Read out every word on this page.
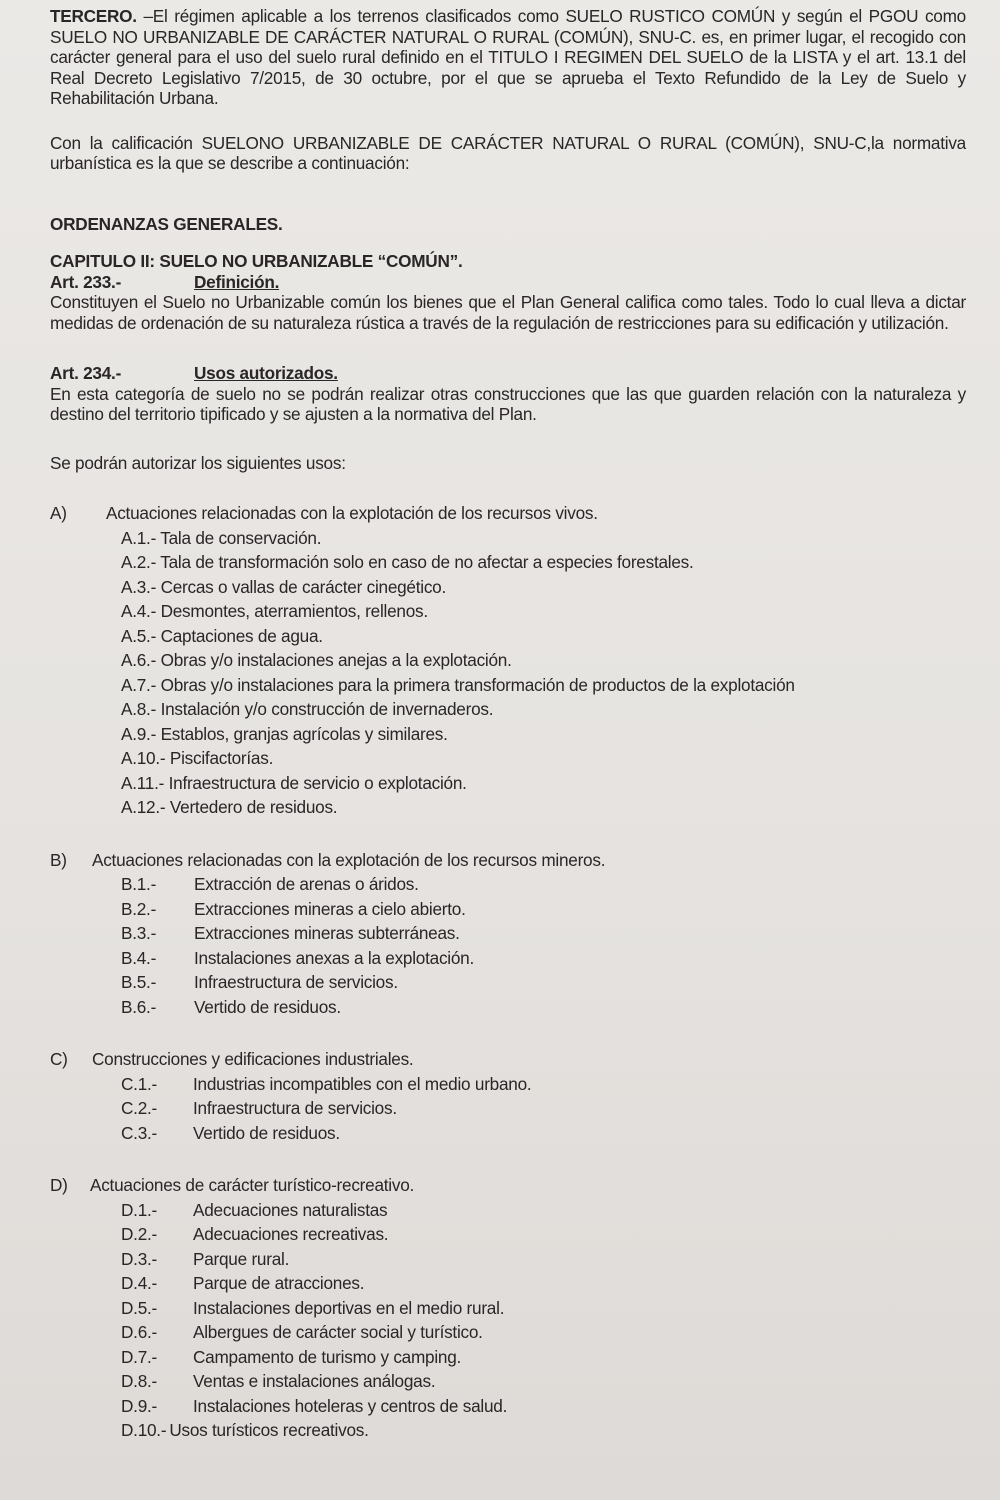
TERCERO. –El régimen aplicable a los terrenos clasificados como SUELO RUSTICO COMÚN y según el PGOU como SUELO NO URBANIZABLE DE CARÁCTER NATURAL O RURAL (COMÚN), SNU-C. es, en primer lugar, el recogido con carácter general para el uso del suelo rural definido en el TITULO I REGIMEN DEL SUELO de la LISTA y el art. 13.1 del Real Decreto Legislativo 7/2015, de 30 octubre, por el que se aprueba el Texto Refundido de la Ley de Suelo y Rehabilitación Urbana.

Con la calificación SUELONO URBANIZABLE DE CARÁCTER NATURAL O RURAL (COMÚN), SNU-C,la normativa urbanística es la que se describe a continuación:

ORDENANZAS GENERALES.

CAPITULO II: SUELO NO URBANIZABLE “COMÚN”.

Art. 233.-	Definición.

Constituyen el Suelo no Urbanizable común los bienes que el Plan General califica como tales. Todo lo cual lleva a dictar medidas de ordenación de su naturaleza rústica a través de la regulación de restricciones para su edificación y utilización.

Art. 234.-	Usos autorizados.

En esta categoría de suelo no se podrán realizar otras construcciones que las que guarden relación con la naturaleza y destino del territorio tipificado y se ajusten a la normativa del Plan.

Se podrán autorizar los siguientes usos:

A)	Actuaciones relacionadas con la explotación de los recursos vivos.
A.1.- Tala de conservación.
A.2.- Tala de transformación solo en caso de no afectar a especies forestales.
A.3.- Cercas o vallas de carácter cinegético.
A.4.- Desmontes, aterramientos, rellenos.
A.5.- Captaciones de agua.
A.6.- Obras y/o instalaciones anejas a la explotación.
A.7.- Obras y/o instalaciones para la primera transformación de productos de la explotación
A.8.- Instalación y/o construcción de invernaderos.
A.9.- Establos, granjas agrícolas y similares.
A.10.- Piscifactorías.
A.11.- Infraestructura de servicio o explotación.
A.12.- Vertedero de residuos.
B)	Actuaciones relacionadas con la explotación de los recursos mineros.
B.1.-	Extracción de arenas o áridos.
B.2.-	Extracciones mineras a cielo abierto.
B.3.-	Extracciones mineras subterráneas.
B.4.-	Instalaciones anexas a la explotación.
B.5.-	Infraestructura de servicios.
B.6.-	Vertido de residuos.
C)	Construcciones y edificaciones industriales.
C.1.-	Industrias incompatibles con el medio urbano.
C.2.-	Infraestructura de servicios.
C.3.-	Vertido de residuos.
D)	Actuaciones de carácter turístico-recreativo.
D.1.-	Adecuaciones naturalistas
D.2.-	Adecuaciones recreativas.
D.3.-	Parque rural.
D.4.-	Parque de atracciones.
D.5.-	Instalaciones deportivas en el medio rural.
D.6.-	Albergues de carácter social y turístico.
D.7.-	Campamento de turismo y camping.
D.8.-	Ventas e instalaciones análogas.
D.9.-	Instalaciones hoteleras y centros de salud.
D.10.- Usos turísticos recreativos.
